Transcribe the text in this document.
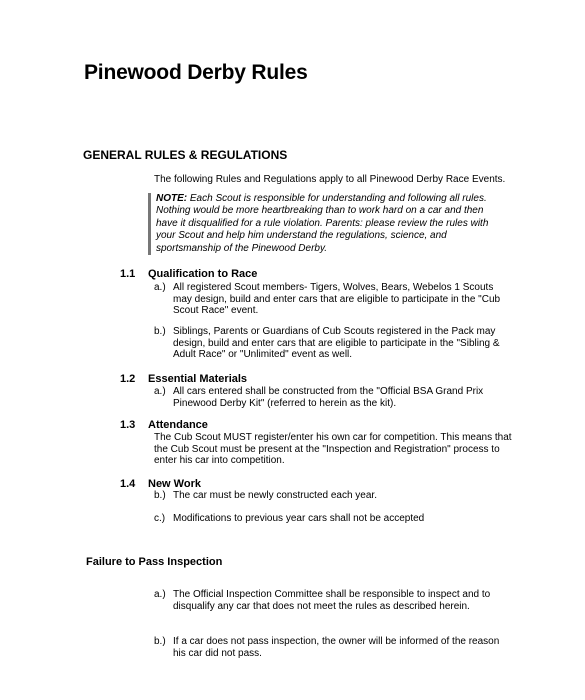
Pinewood Derby Rules
GENERAL RULES & REGULATIONS
The following Rules and Regulations apply to all Pinewood Derby Race Events.
NOTE: Each Scout is responsible for understanding and following all rules. Nothing would be more heartbreaking than to work hard on a car and then have it disqualified for a rule violation. Parents: please review the rules with your Scout and help him understand the regulations, science, and sportsmanship of the Pinewood Derby.
1.1 Qualification to Race
a.) All registered Scout members- Tigers, Wolves, Bears, Webelos 1 Scouts may design, build and enter cars that are eligible to participate in the "Cub Scout Race" event.
b.) Siblings, Parents or Guardians of Cub Scouts registered in the Pack may design, build and enter cars that are eligible to participate in the "Sibling & Adult Race" or "Unlimited" event as well.
1.2 Essential Materials
a.) All cars entered shall be constructed from the "Official BSA Grand Prix Pinewood Derby Kit" (referred to herein as the kit).
1.3 Attendance
The Cub Scout MUST register/enter his own car for competition. This means that the Cub Scout must be present at the "Inspection and Registration" process to enter his car into competition.
1.4 New Work
b.) The car must be newly constructed each year.
c.) Modifications to previous year cars shall not be accepted
Failure to Pass Inspection
a.) The Official Inspection Committee shall be responsible to inspect and to disqualify any car that does not meet the rules as described herein.
b.) If a car does not pass inspection, the owner will be informed of the reason his car did not pass.
